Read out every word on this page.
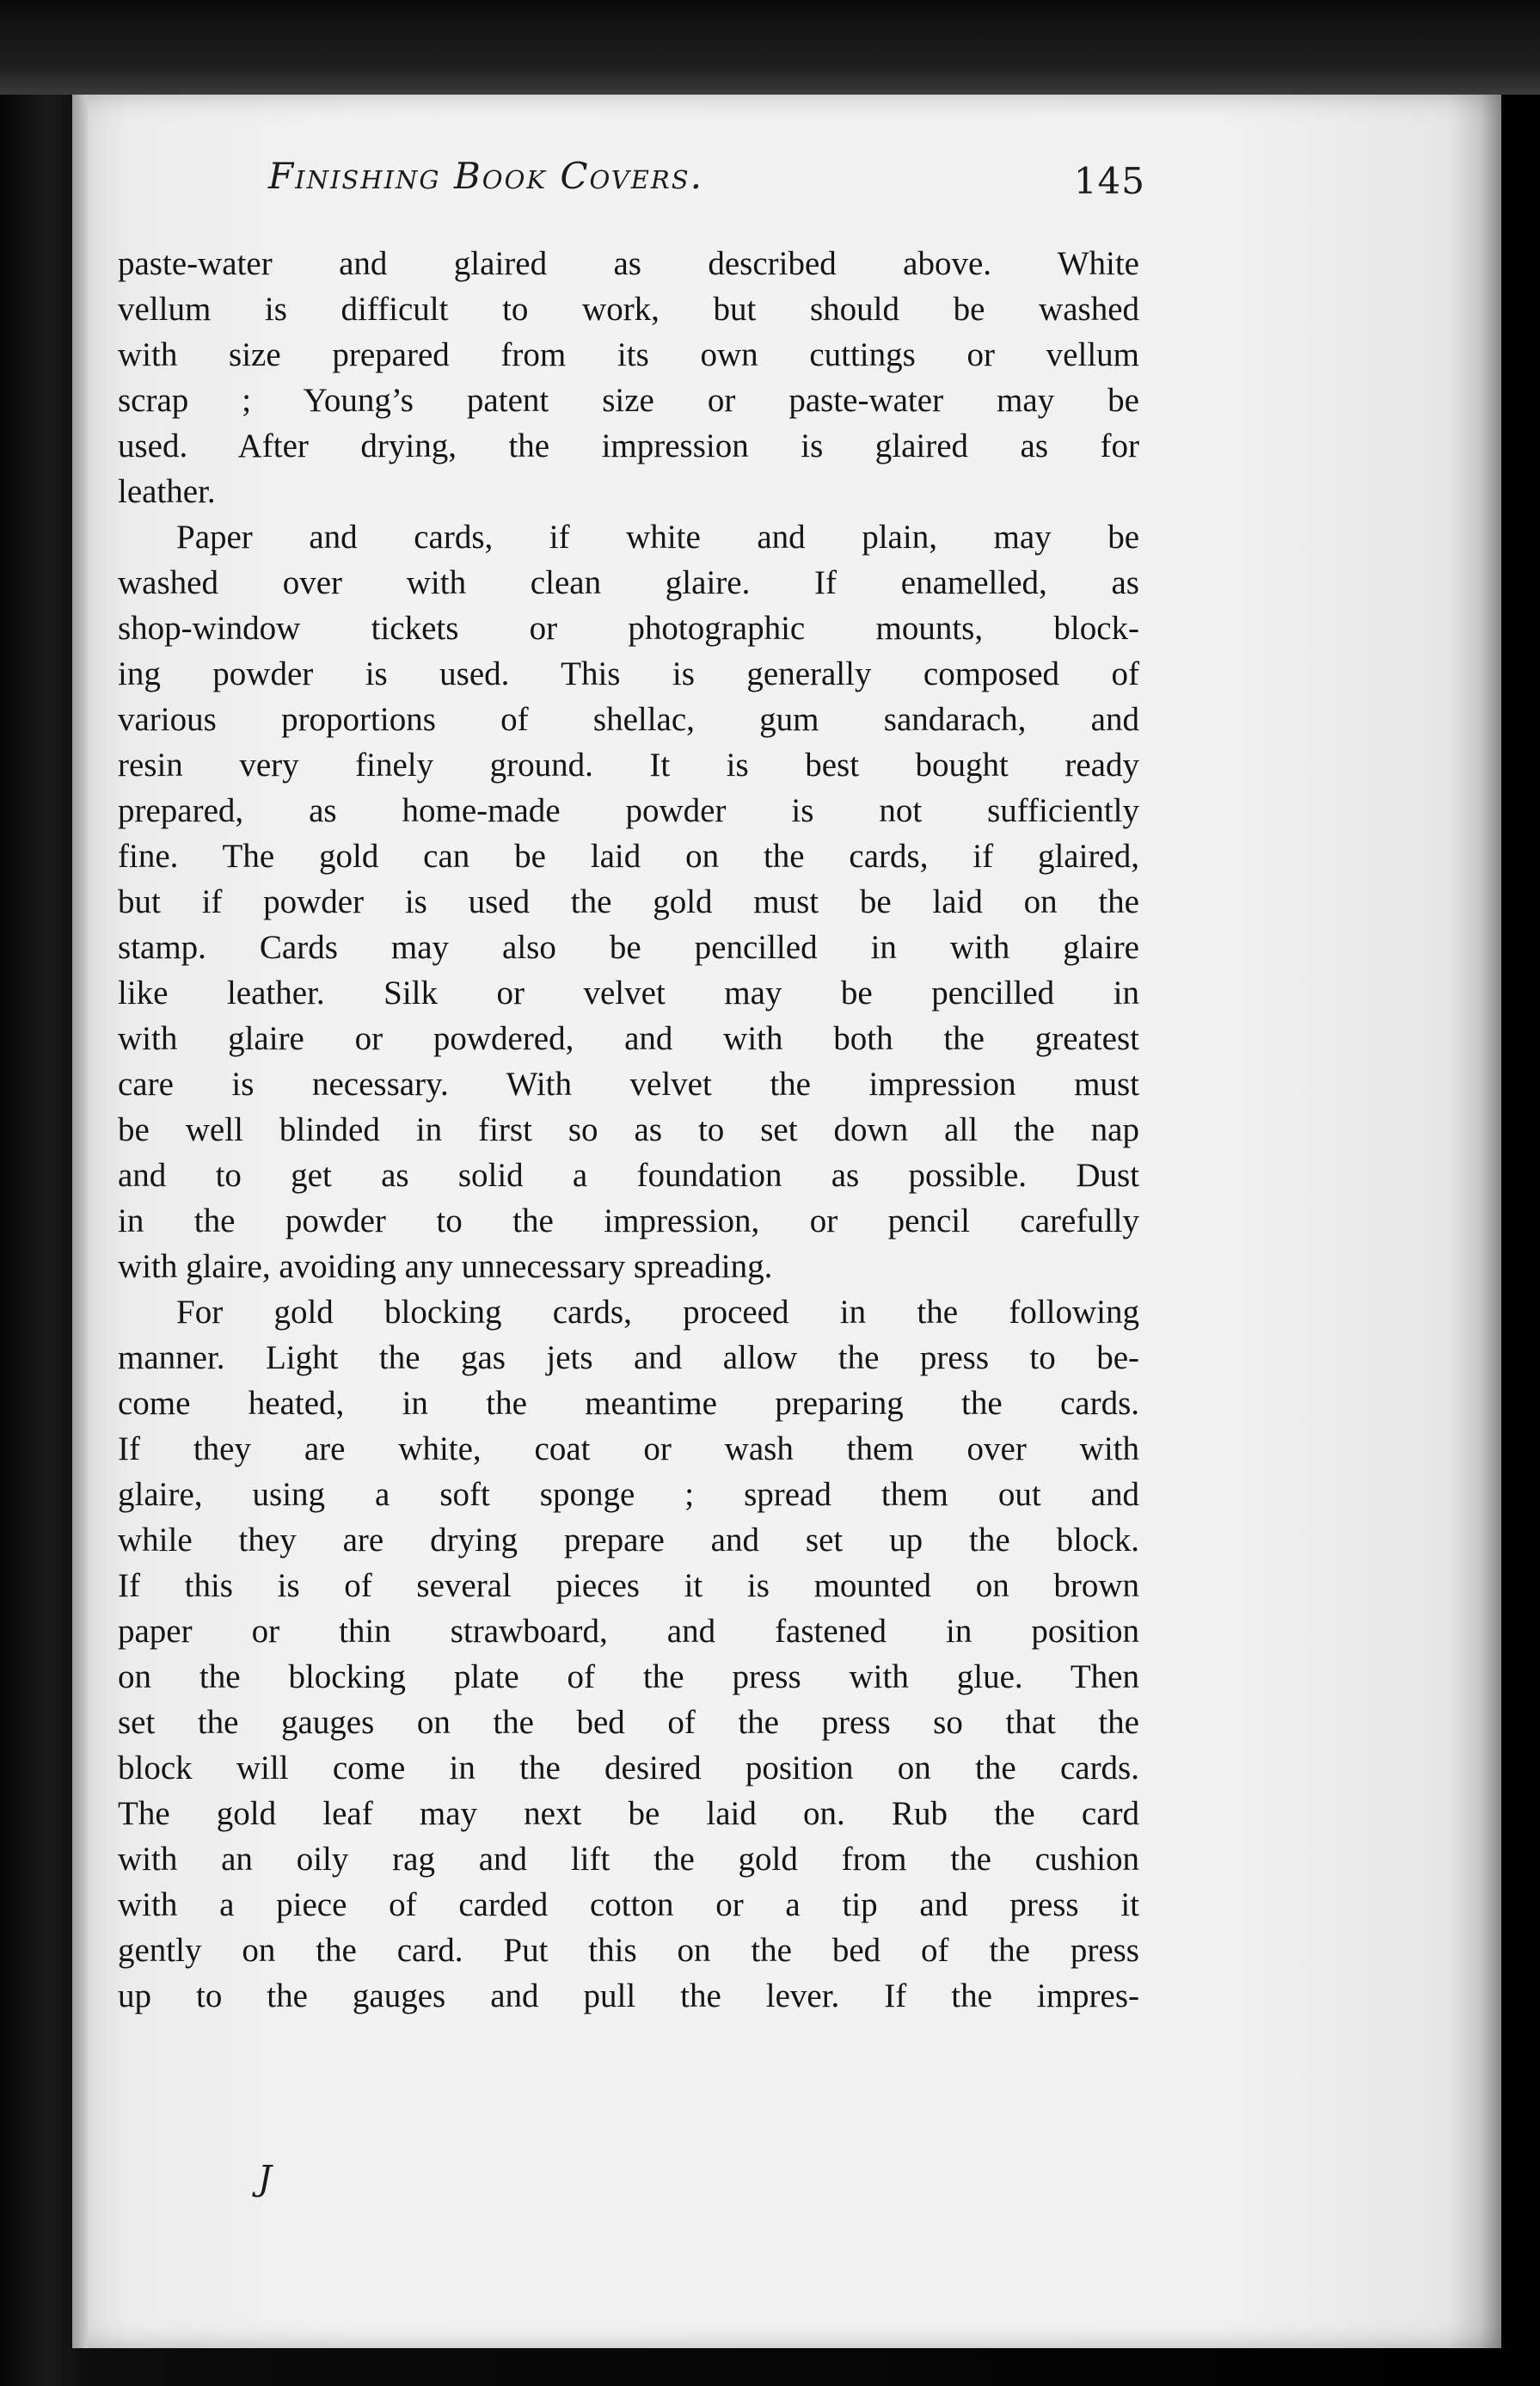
Finishing Book Covers.	145
paste-water and glaired as described above. White
vellum is difficult to work, but should be washed
with size prepared from its own cuttings or vellum
scrap ; Young’s patent size or paste-water may be
used. After drying, the impression is glaired as for
leather.
Paper and cards, if white and plain, may be
washed over with clean glaire. If enamelled, as
shop-window tickets or photographic mounts, block-
ing powder is used. This is generally composed of
various proportions of shellac, gum sandarach, and
resin very finely ground. It is best bought ready
prepared, as home-made powder is not sufficiently
fine. The gold can be laid on the cards, if glaired,
but if powder is used the gold must be laid on the
stamp. Cards may also be pencilled in with glaire
like leather. Silk or velvet may be pencilled in
with glaire or powdered, and with both the greatest
care is necessary. With velvet the impression must
be well blinded in first so as to set down all the nap
and to get as solid a foundation as possible. Dust
in the powder to the impression, or pencil carefully
with glaire, avoiding any unnecessary spreading.
For gold blocking cards, proceed in the following
manner. Light the gas jets and allow the press to be-
come heated, in the meantime preparing the cards.
If they are white, coat or wash them over with
glaire, using a soft sponge ; spread them out and
while they are drying prepare and set up the block.
If this is of several pieces it is mounted on brown
paper or thin strawboard, and fastened in position
on the blocking plate of the press with glue. Then
set the gauges on the bed of the press so that the
block will come in the desired position on the cards.
The gold leaf may next be laid on. Rub the card
with an oily rag and lift the gold from the cushion
with a piece of carded cotton or a tip and press it
gently on the card. Put this on the bed of the press
up to the gauges and pull the lever. If the impres-
J
